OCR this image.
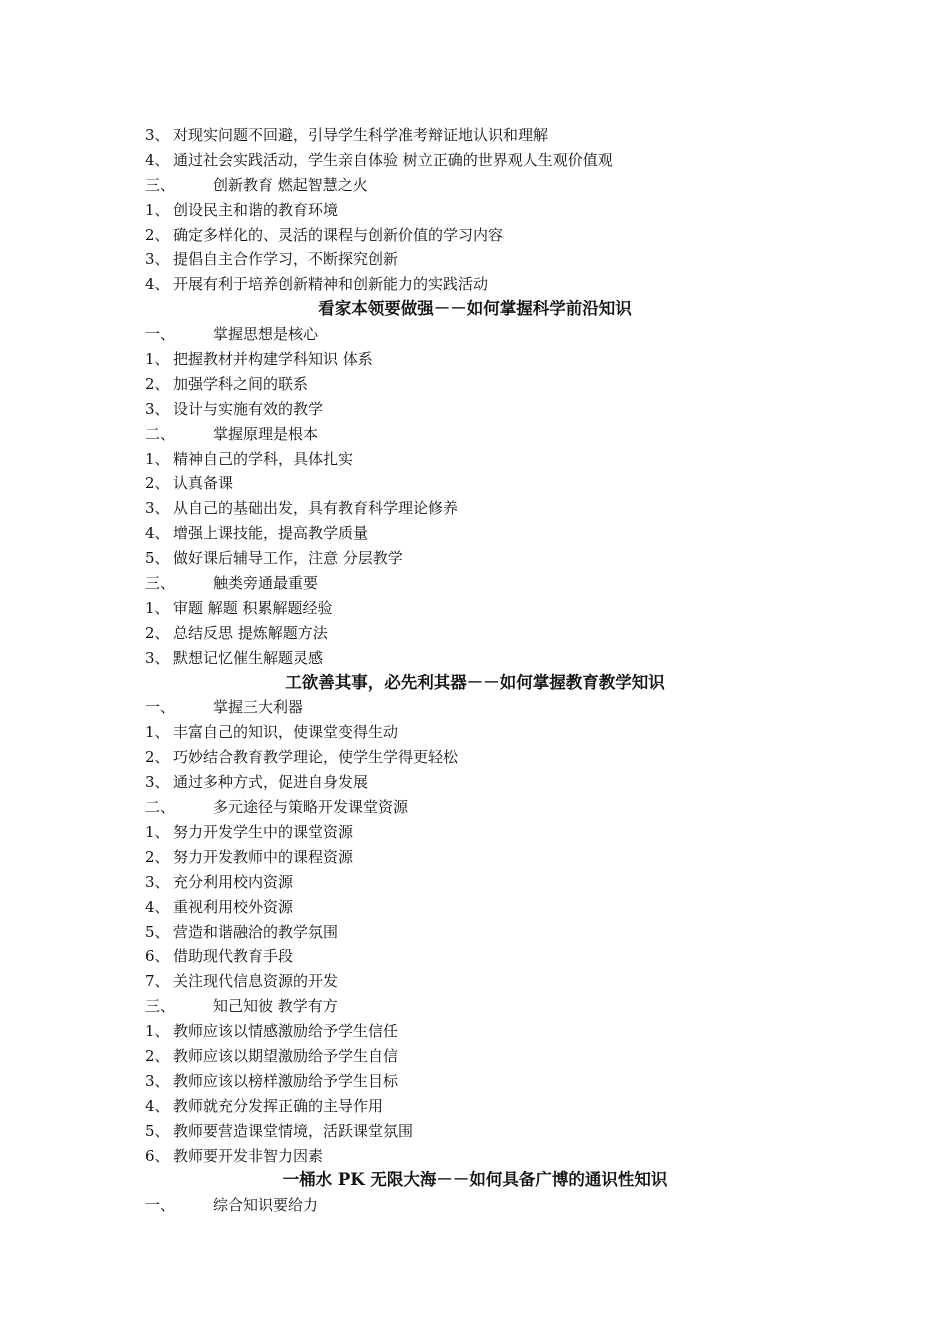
3、 对现实问题不回避，引导学生科学准考辩证地认识和理解
4、 通过社会实践活动，学生亲自体验 树立正确的世界观人生观价值观
三、	创新教育 燃起智慧之火
1、 创设民主和谐的教育环境
2、 确定多样化的、灵活的课程与创新价值的学习内容
3、 提倡自主合作学习，不断探究创新
4、 开展有利于培养创新精神和创新能力的实践活动
看家本领要做强－－如何掌握科学前沿知识
一、	掌握思想是核心
1、 把握教材并构建学科知识 体系
2、 加强学科之间的联系
3、 设计与实施有效的教学
二、	掌握原理是根本
1、 精神自己的学科，具体扎实
2、 认真备课
3、 从自己的基础出发，具有教育科学理论修养
4、 增强上课技能，提高教学质量
5、 做好课后辅导工作，注意 分层教学
三、	触类旁通最重要
1、 审题 解题 积累解题经验
2、 总结反思 提炼解题方法
3、 默想记忆催生解题灵感
工欲善其事，必先利其器－－如何掌握教育教学知识
一、	掌握三大利器
1、 丰富自己的知识，使课堂变得生动
2、 巧妙结合教育教学理论，使学生学得更轻松
3、 通过多种方式，促进自身发展
二、	多元途径与策略开发课堂资源
1、 努力开发学生中的课堂资源
2、 努力开发教师中的课程资源
3、 充分利用校内资源
4、 重视利用校外资源
5、 营造和谐融洽的教学氛围
6、 借助现代教育手段
7、 关注现代信息资源的开发
三、	知己知彼 教学有方
1、 教师应该以情感激励给予学生信任
2、 教师应该以期望激励给予学生自信
3、 教师应该以榜样激励给予学生目标
4、 教师就充分发挥正确的主导作用
5、 教师要营造课堂情境，活跃课堂氛围
6、 教师要开发非智力因素
一桶水 PK 无限大海－－如何具备广博的通识性知识
一、	综合知识要给力
